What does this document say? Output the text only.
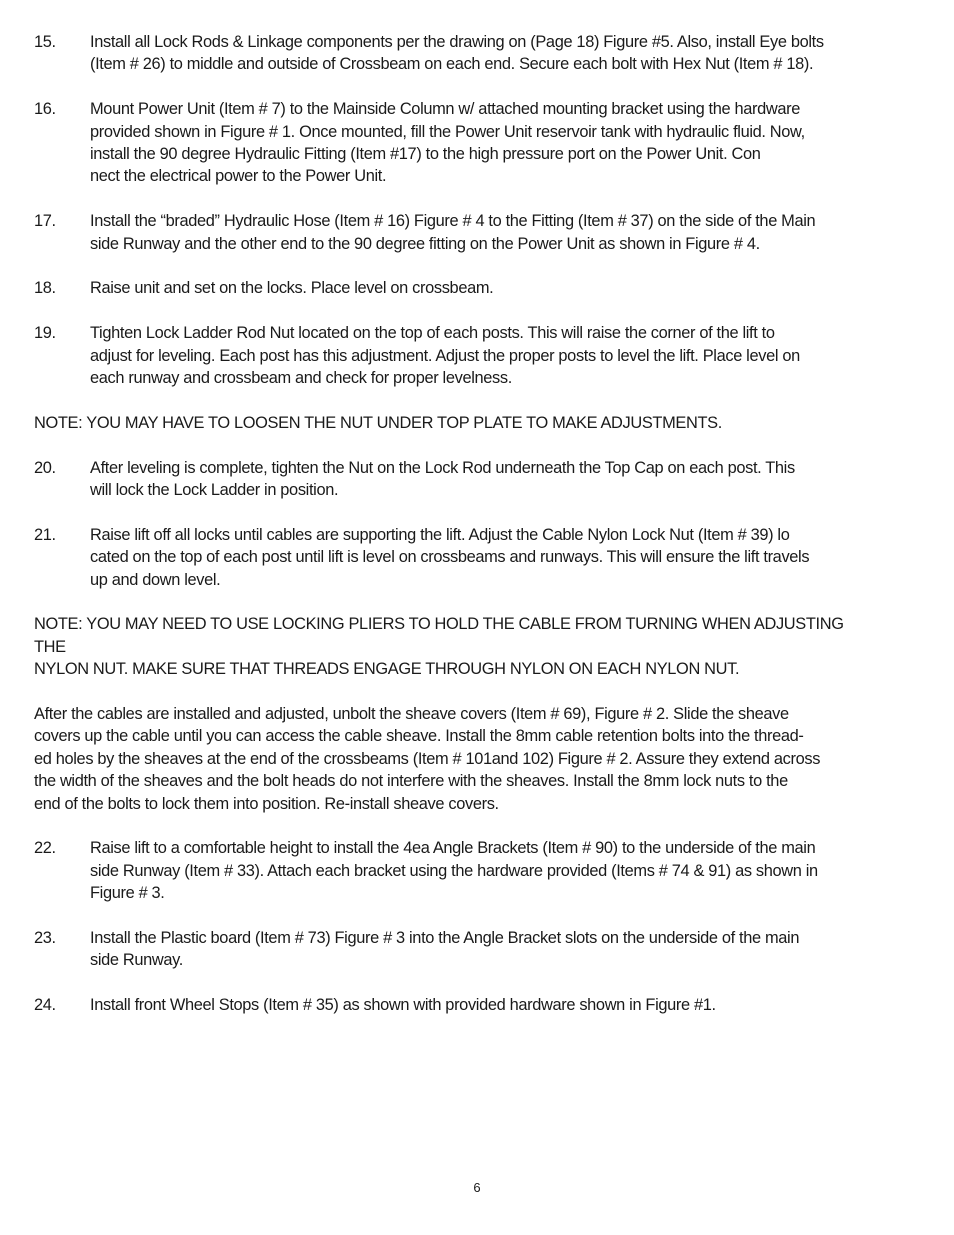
15.	Install all Lock Rods & Linkage components per the drawing on (Page 18) Figure #5. Also, install Eye bolts
(Item # 26) to middle and outside of Crossbeam on each end. Secure each bolt with Hex Nut (Item # 18).
16.	Mount Power Unit (Item # 7) to the Mainside Column w/ attached mounting bracket using the hardware
provided shown in Figure # 1. Once mounted, fill the Power Unit reservoir tank with hydraulic fluid. Now,
install the 90 degree Hydraulic Fitting (Item #17) to the high pressure port on the Power Unit. Con
nect the electrical power to the Power Unit.
17.	Install the “braded” Hydraulic Hose (Item # 16) Figure # 4 to the Fitting (Item # 37) on the side of the Main
side Runway and the other end to the 90 degree fitting on the Power Unit as shown in Figure # 4.
18.	Raise unit and set on the locks. Place level on crossbeam.
19.	Tighten Lock Ladder Rod Nut located on the top of each posts. This will raise the corner of the lift to
adjust for leveling. Each post has this adjustment. Adjust the proper posts to level the lift. Place level on
each runway and crossbeam and check for proper levelness.
NOTE: YOU MAY HAVE TO LOOSEN THE NUT UNDER TOP PLATE TO MAKE ADJUSTMENTS.
20.	After leveling is complete, tighten the Nut on the Lock Rod underneath the Top Cap on each post. This
will lock the Lock Ladder in position.
21.	Raise lift off all locks until cables are supporting the lift. Adjust the Cable Nylon Lock Nut (Item # 39) lo
cated on the top of each post until lift is level on crossbeams and runways. This will ensure the lift travels
up and down level.
NOTE: YOU MAY NEED TO USE LOCKING PLIERS TO HOLD THE CABLE FROM TURNING WHEN ADJUSTING THE
NYLON NUT. MAKE SURE THAT THREADS ENGAGE THROUGH NYLON ON EACH NYLON NUT.
After the cables are installed and adjusted, unbolt the sheave covers (Item # 69), Figure # 2. Slide the sheave
covers up the cable until you can access the cable sheave. Install the 8mm cable retention bolts into the thread-
ed holes by the sheaves at the end of the crossbeams (Item # 101and 102) Figure # 2. Assure they extend across
the width of the sheaves and the bolt heads do not interfere with the sheaves. Install the 8mm lock nuts to the
end of the bolts to lock them into position. Re-install sheave covers.
22.	Raise lift to a comfortable height to install the 4ea Angle Brackets (Item # 90) to the underside of the main
side Runway (Item # 33). Attach each bracket using the hardware provided (Items # 74 & 91) as shown in
Figure # 3.
23.	Install the Plastic board (Item # 73) Figure # 3 into the Angle Bracket slots on the underside of the main
side Runway.
24.	Install front Wheel Stops (Item # 35) as shown with provided hardware shown in Figure #1.
6
